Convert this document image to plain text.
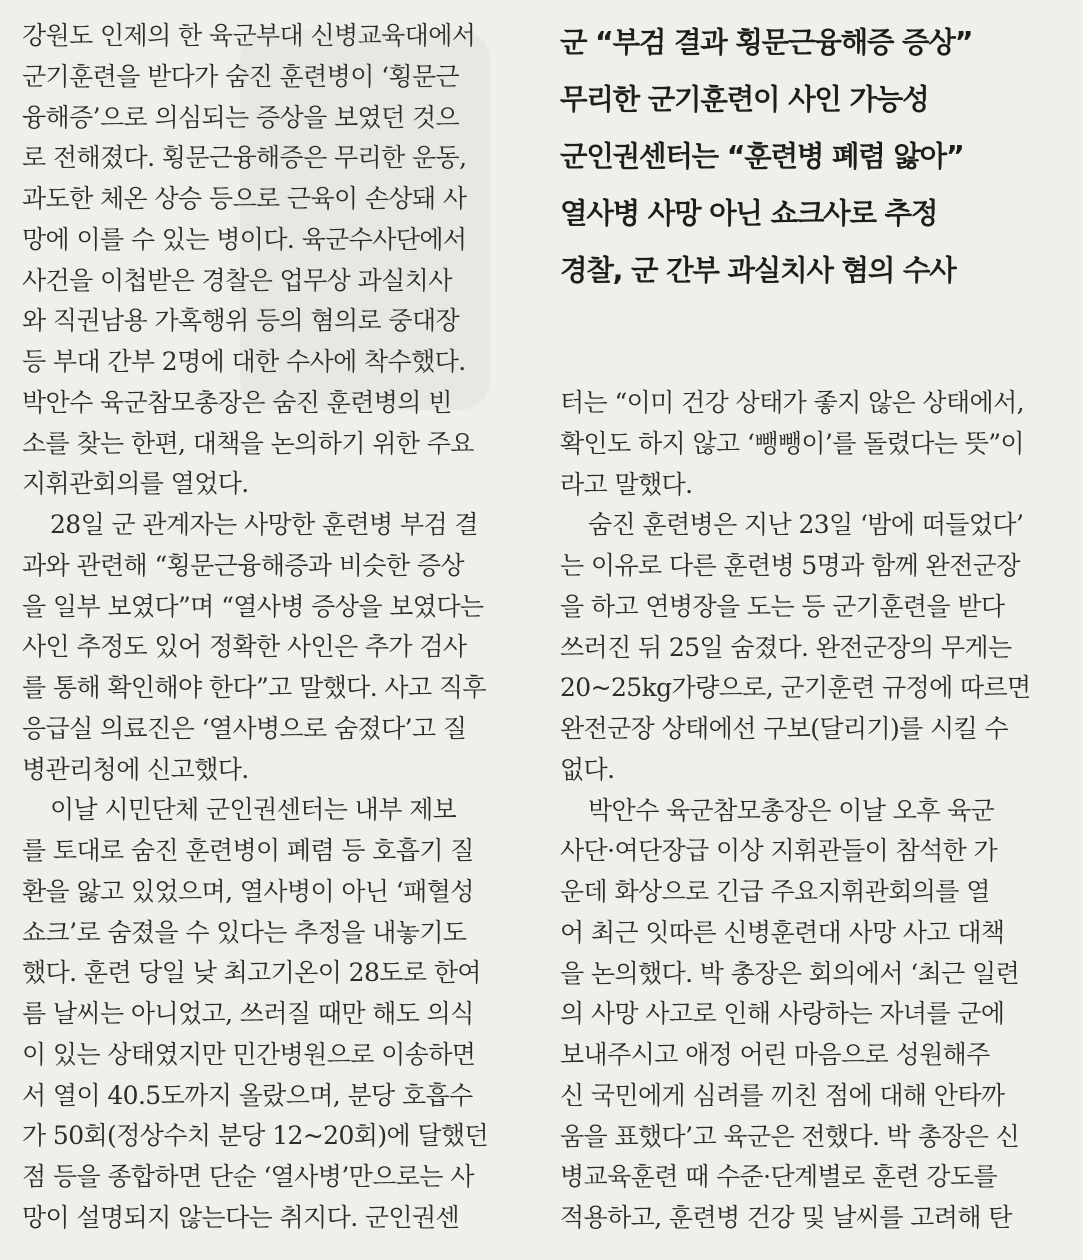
강원도 인제의 한 육군부대 신병교육대에서
군기훈련을 받다가 숨진 훈련병이 ‘횡문근
융해증’으로 의심되는 증상을 보였던 것으
로 전해졌다. 횡문근융해증은 무리한 운동,
과도한 체온 상승 등으로 근육이 손상돼 사
망에 이를 수 있는 병이다. 육군수사단에서
사건을 이첩받은 경찰은 업무상 과실치사
와 직권남용 가혹행위 등의 혐의로 중대장
등 부대 간부 2명에 대한 수사에 착수했다.
박안수 육군참모총장은 숨진 훈련병의 빈
소를 찾는 한편, 대책을 논의하기 위한 주요
지휘관회의를 열었다.
28일 군 관계자는 사망한 훈련병 부검 결
과와 관련해 “횡문근융해증과 비슷한 증상
을 일부 보였다”며 “열사병 증상을 보였다는
사인 추정도 있어 정확한 사인은 추가 검사
를 통해 확인해야 한다”고 말했다. 사고 직후
응급실 의료진은 ‘열사병으로 숨졌다’고 질
병관리청에 신고했다.
이날 시민단체 군인권센터는 내부 제보
를 토대로 숨진 훈련병이 폐렴 등 호흡기 질
환을 앓고 있었으며, 열사병이 아닌 ‘패혈성
쇼크’로 숨졌을 수 있다는 추정을 내놓기도
했다. 훈련 당일 낮 최고기온이 28도로 한여
름 날씨는 아니었고, 쓰러질 때만 해도 의식
이 있는 상태였지만 민간병원으로 이송하면
서 열이 40.5도까지 올랐으며, 분당 호흡수
가 50회(정상수치 분당 12~20회)에 달했던
점 등을 종합하면 단순 ‘열사병’만으로는 사
망이 설명되지 않는다는 취지다. 군인권센
군 “부검 결과 횡문근융해증 증상”
무리한 군기훈련이 사인 가능성
군인권센터는 “훈련병 폐렴 앓아”
열사병 사망 아닌 쇼크사로 추정
경찰, 군 간부 과실치사 혐의 수사
터는 “이미 건강 상태가 좋지 않은 상태에서,
확인도 하지 않고 ‘뺑뺑이’를 돌렸다는 뜻”이
라고 말했다.
숨진 훈련병은 지난 23일 ‘밤에 떠들었다’
는 이유로 다른 훈련병 5명과 함께 완전군장
을 하고 연병장을 도는 등 군기훈련을 받다
쓰러진 뒤 25일 숨졌다. 완전군장의 무게는
20~25kg가량으로, 군기훈련 규정에 따르면
완전군장 상태에선 구보(달리기)를 시킬 수
없다.
박안수 육군참모총장은 이날 오후 육군
사단·여단장급 이상 지휘관들이 참석한 가
운데 화상으로 긴급 주요지휘관회의를 열
어 최근 잇따른 신병훈련대 사망 사고 대책
을 논의했다. 박 총장은 회의에서 ‘최근 일련
의 사망 사고로 인해 사랑하는 자녀를 군에
보내주시고 애정 어린 마음으로 성원해주
신 국민에게 심려를 끼친 점에 대해 안타까
움을 표했다’고 육군은 전했다. 박 총장은 신
병교육훈련 때 수준·단계별로 훈련 강도를
적용하고, 훈련병 건강 및 날씨를 고려해 탄
